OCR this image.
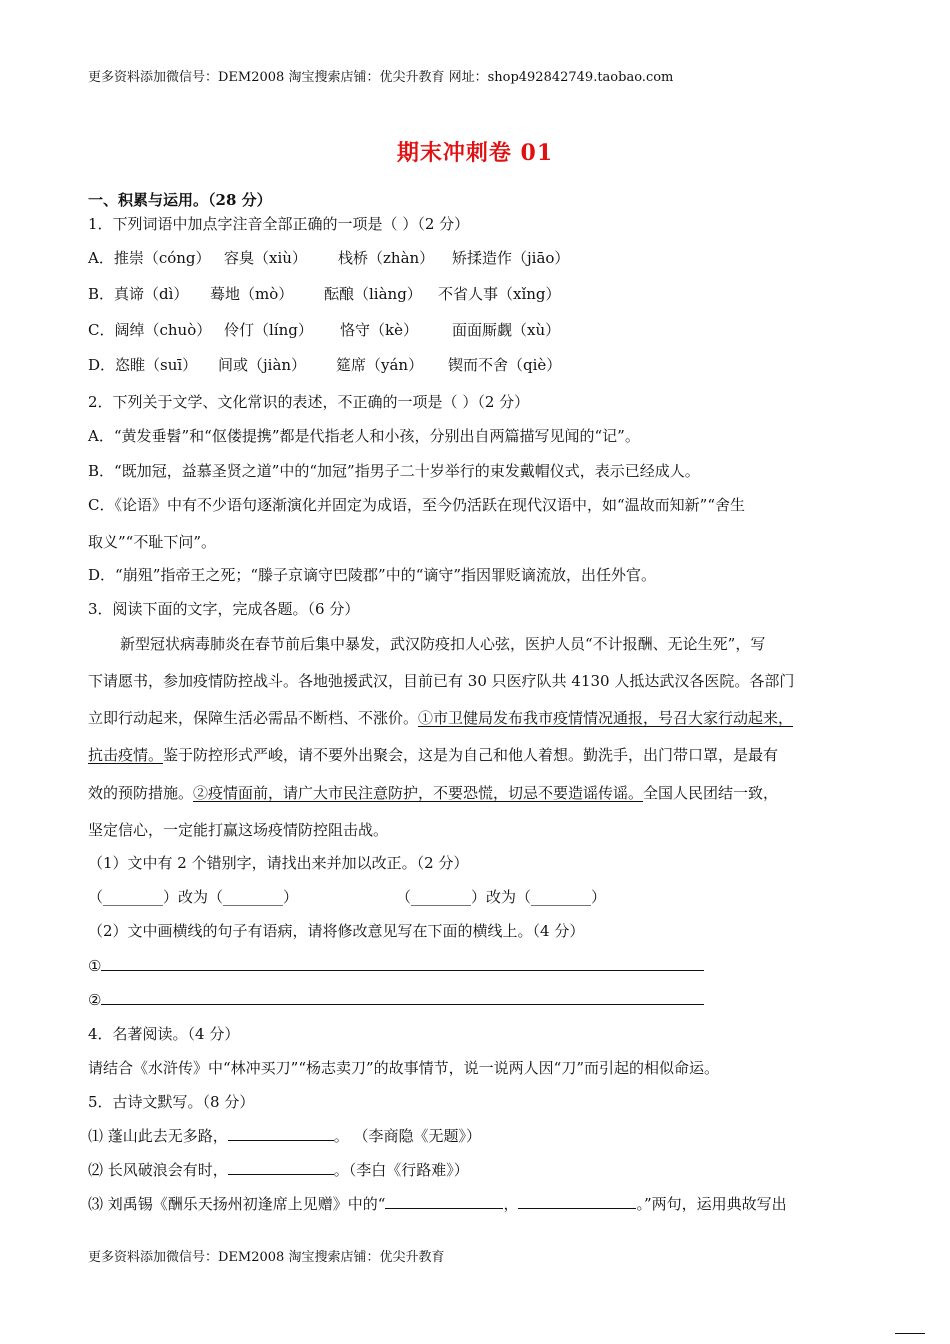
更多资料添加微信号：DEM2008 淘宝搜索店铺：优尖升教育 网址：shop492842749.taobao.com
期末冲刺卷 01
一、积累与运用。（28 分）
1．下列词语中加点字注音全部正确的一项是（ ）（2 分）
A．推崇（cóng） 容臭（xiù） 栈桥（zhàn） 矫揉造作（jiāo）
B．真谛（dì） 蓦地（mò） 酝酿（liàng） 不省人事（xǐng）
C．阔绰（chuò） 伶仃（líng） 恪守（kè） 面面厮觑（xù）
D．恣睢（suī） 间或（jiàn） 筵席（yán） 锲而不舍（qiè）
2．下列关于文学、文化常识的表述，不正确的一项是（ ）（2 分）
A．“黄发垂髫”和“伛偻提携”都是代指老人和小孩，分别出自两篇描写见闻的“记”。
B．“既加冠，益慕圣贤之道”中的“加冠”指男子二十岁举行的束发戴帽仪式，表示已经成人。
C．《论语》中有不少语句逐渐演化并固定为成语，至今仍活跃在现代汉语中，如“温故而知新”“舍生
取义”“不耻下问”。
D．“崩殂”指帝王之死；“滕子京谪守巴陵郡”中的“谪守”指因罪贬谪流放，出任外官。
3．阅读下面的文字，完成各题。（6 分）
新型冠状病毒肺炎在春节前后集中暴发，武汉防疫扣人心弦，医护人员“不计报酬、无论生死”，写
下请愿书，参加疫情防控战斗。各地弛援武汉，目前已有 30 只医疗队共 4130 人抵达武汉各医院。各部门
立即行动起来，保障生活必需品不断档、不涨价。①市卫健局发布我市疫情情况通报，号召大家行动起来，
抗击疫情。鉴于防控形式严峻，请不要外出聚会，这是为自己和他人着想。勤洗手，出门带口罩，是最有
效的预防措施。②疫情面前，请广大市民注意防护，不要恐慌，切忌不要造谣传谣。全国人民团结一致，
坚定信心，一定能打赢这场疫情防控阻击战。
（1）文中有 2 个错别字，请找出来并加以改正。（2 分）
（________）改为（________）	（________）改为（________）
（2）文中画横线的句子有语病，请将修改意见写在下面的横线上。（4 分）
①
②
4．名著阅读。（4 分）
请结合《水浒传》中“林冲买刀”“杨志卖刀”的故事情节，说一说两人因“刀”而引起的相似命运。
5．古诗文默写。（8 分）
⑴ 蓬山此去无多路，	。 （李商隐《无题》）
⑵ 长风破浪会有时，	。（李白《行路难》）
⑶ 刘禹锡《酬乐天扬州初逢席上见赠》中的“	，	。”两句，运用典故写出
更多资料添加微信号：DEM2008 淘宝搜索店铺：优尖升教育
